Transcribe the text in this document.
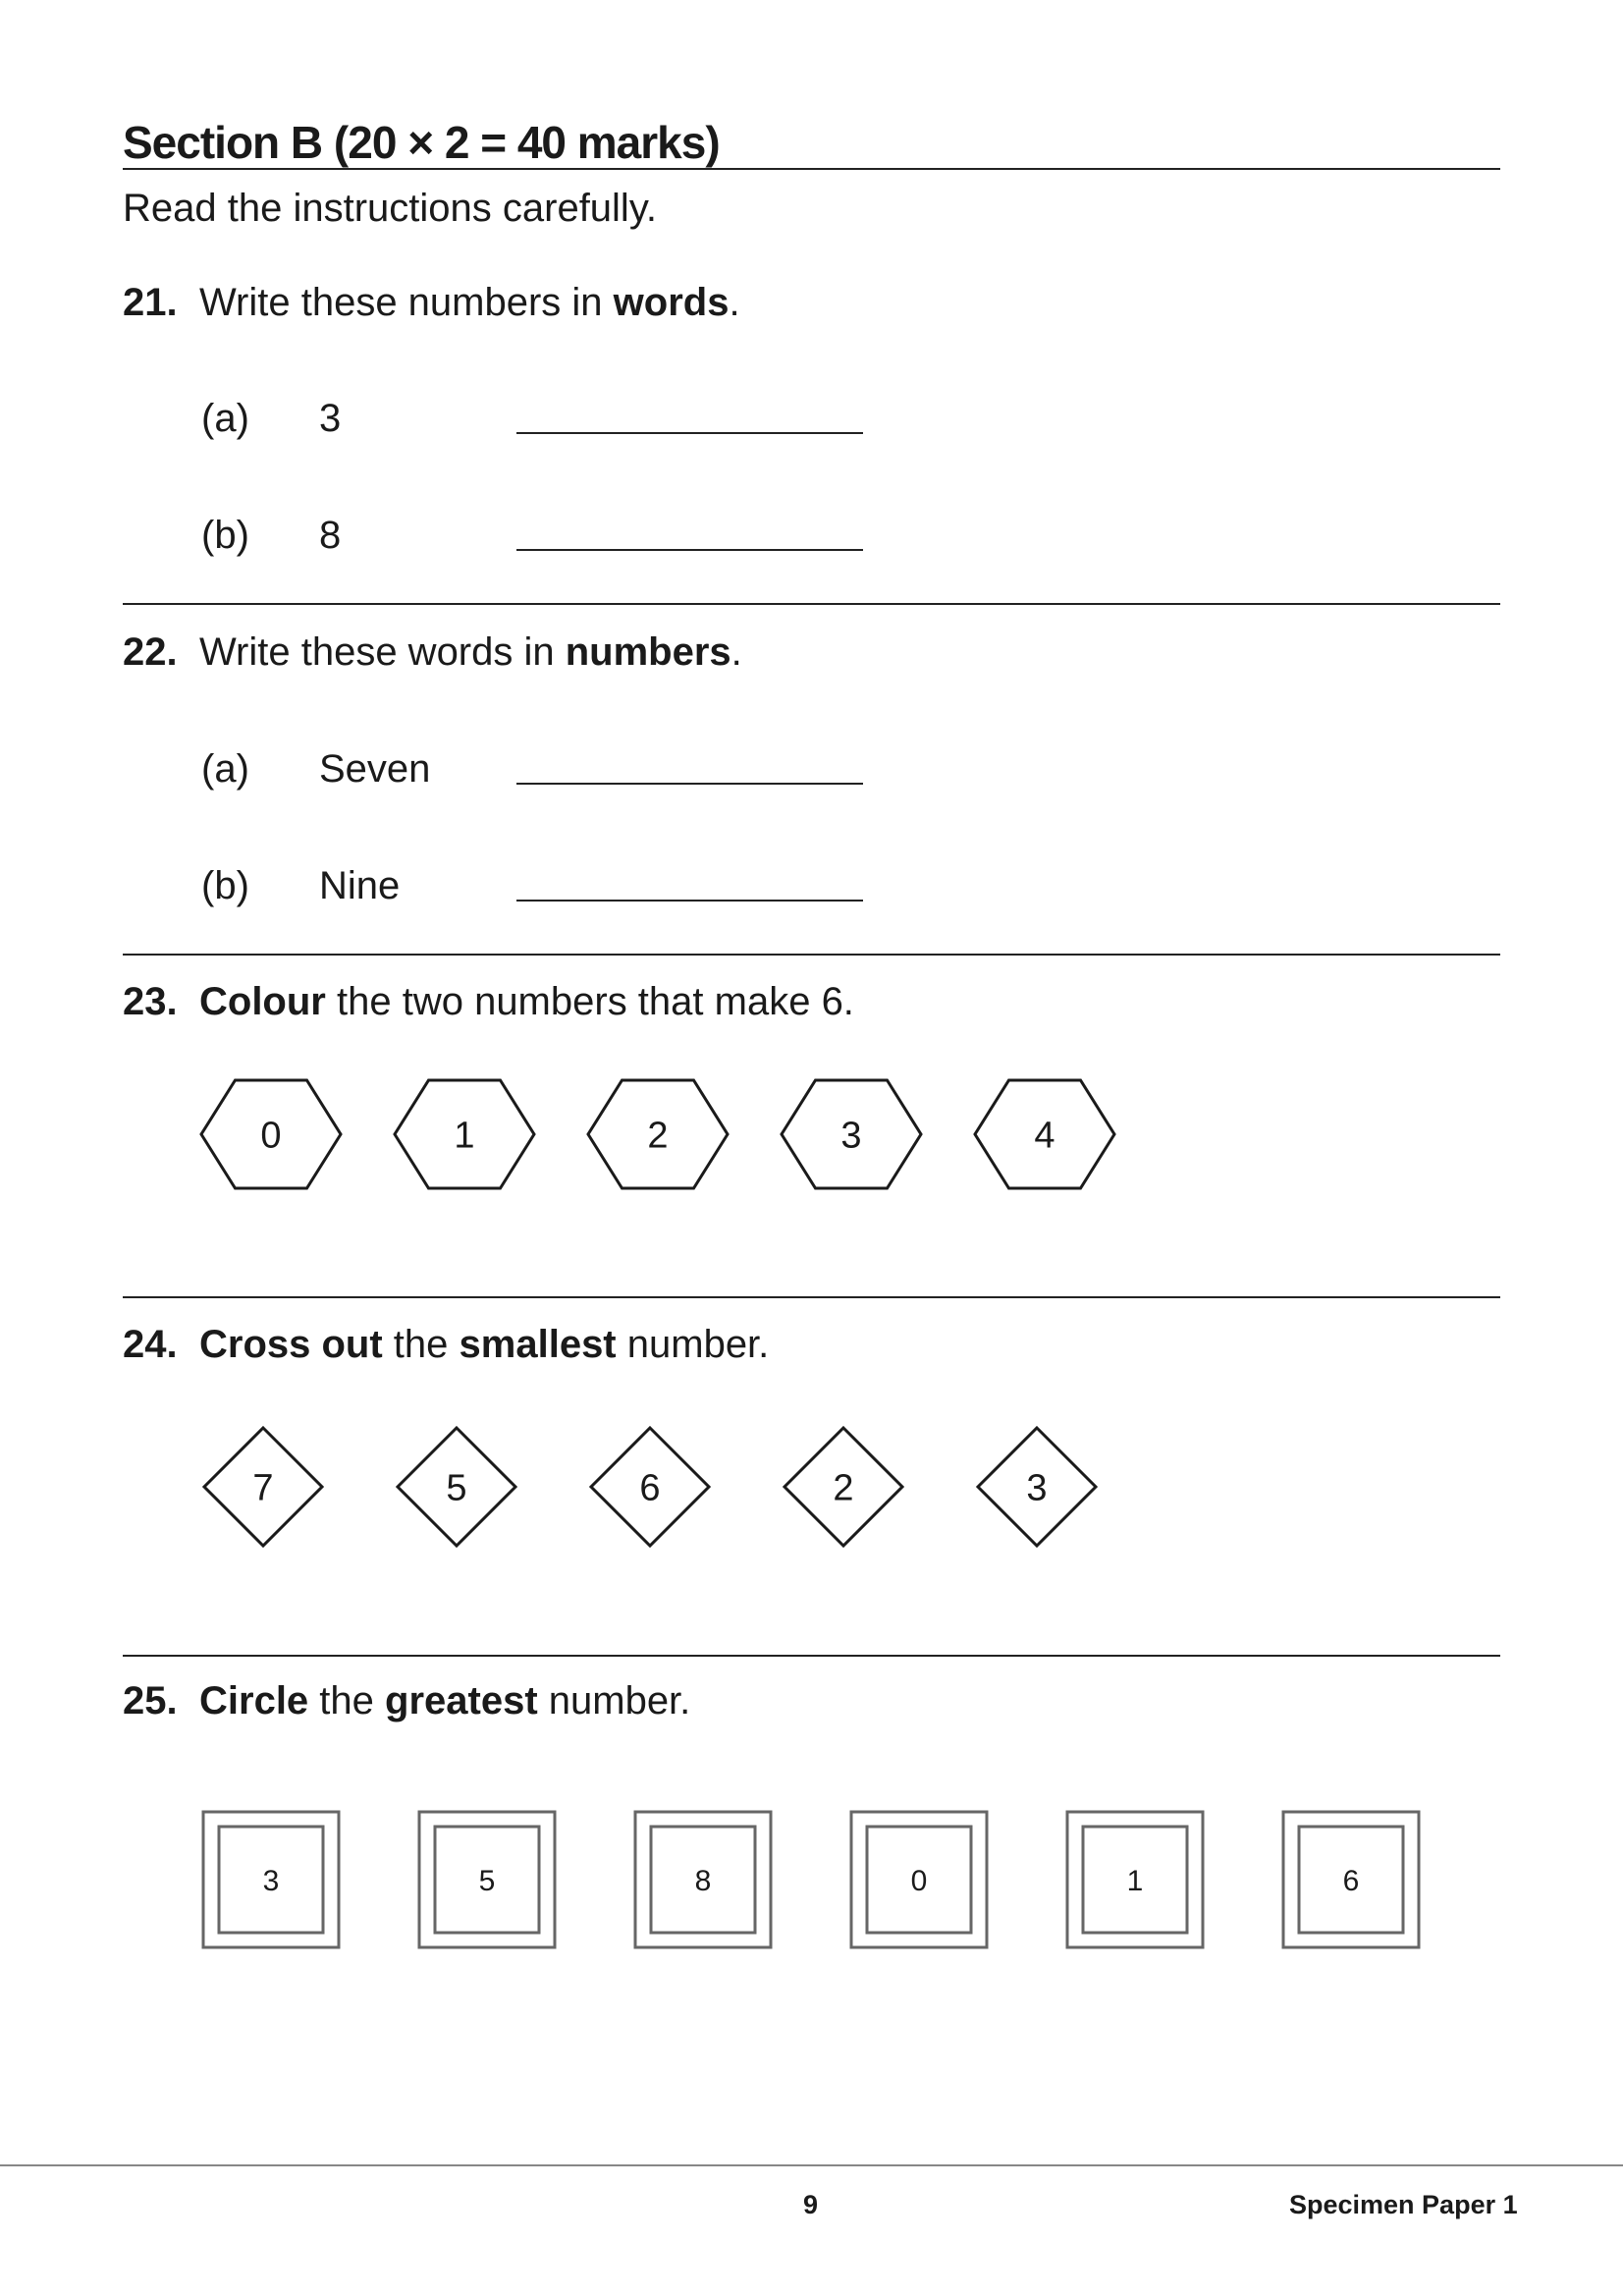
Section B (20 × 2 = 40 marks)
Read the instructions carefully.
21. Write these numbers in words.
(a) 3
(b) 8
22. Write these words in numbers.
(a) Seven
(b) Nine
23. Colour the two numbers that make 6.
24. Cross out the smallest number.
25. Circle the greatest number.
9	Specimen Paper 1
0	1	2	3	4
7	5	6	2	3
3	5	8	0	1	6
